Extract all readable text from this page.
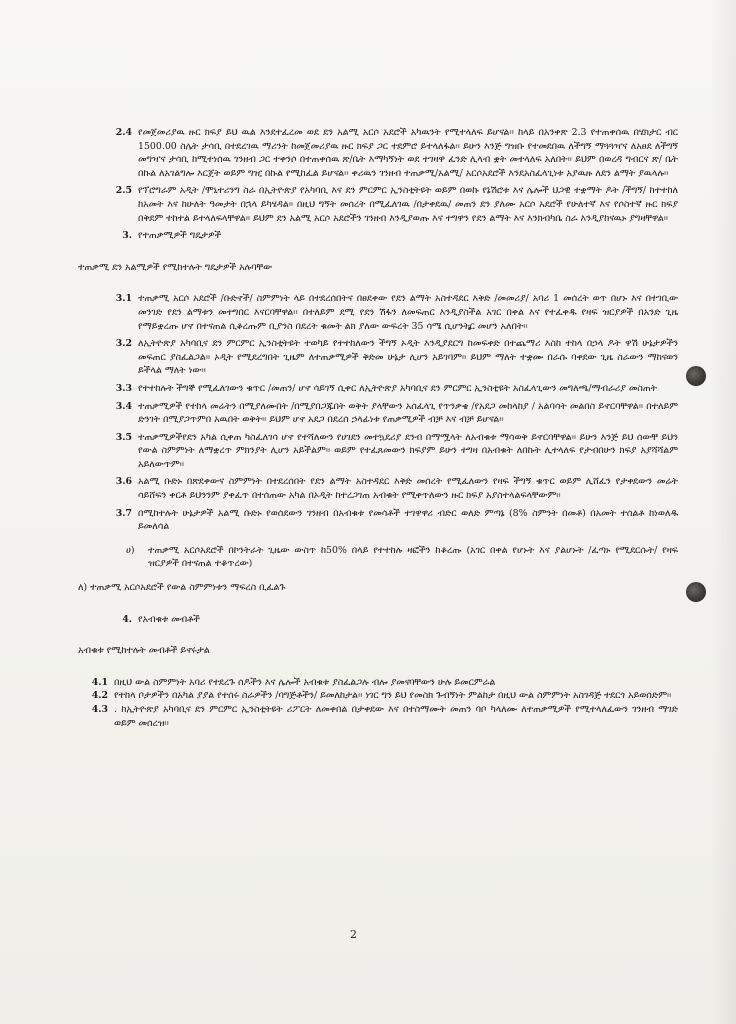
2.4 የመጀመሪያዉ ዙር ክፍያ ይህ ዉል እንደተፈረመ ወደ ደን አልሚ አርሶ አደሮች አካዉንት የሚተላለፍ ይሆናል፡፡ ከላይ በአንቀጽ 2.3 የተጠቀሰዉ በሄክታር ብር 1500.00 ስሌት ታሳቢ በተደረገዉ ማሪንት ከመጀመሪያዉ ዙር ክፍያ ጋር ተደምሮ ይተላለፋል፡፡ ይሁን እንጅ ግዝቡ የተመደበዉ ለችግኝ ማጓጓዣና ለአፀደ ለችግኝ መግዣና ታሳቢ ከሚተነሰዉ ገንዘብ ጋር ተቀንሶ በተጠቀሰዉ ጽ/ቤት እማካኝነት ወደ ተገዛዋ ፈንድ ሊላብ ቋት መተላለፍ አለበት፡፡ ይህም በወረዳ ግብርና ጽ/ ቤት በኩል ለአገልግሎ እርጀት ወይም ግዢ በኩል የሚከፈል ይሆናል፡፡ ቀሪዉን ገንዘብ ተጠቃሚ/አልሚ/ አርሶአደሮች እንደአስፈላጊነቱ አያዉዙ ለደን ልማት ያዉላሉ፡፡
2.5 የፕሮግራም አዲት /ሞኒተሪንግ ስራ በኢትዮጵያ የአካባቢ እና ደን ምርምር ኢንስቲትዩት ወይም በወኩ የኔሽሮቱ እና ሌሎች ህጋዊ ተቋማት ዶት /ችግኝ/ ከተተከለ ከአመት እና ከሁለት ዓመታት በኋላ ይካሄዳል፡፡ በዚህ ግኝት መሰረት በሚፈለገዉ /በታቀደዉ/ መጠን ደን ያለሙ አርሶ አደሮች የሁለተኛ እና የሶስተኛ ዙር ክፍያ በቅደም ተከተል ይተላለፍላቸዋል፡፡ ይህም ደን አልሚ አርሶ አደሮችን ገንዘብ እንዲያወጡ እና ተግዋን የደን ልማት እና እንክብካቤ ስራ እንዲያከናዉኑ ያግዛቸዋል፡፡
3. የተጠቃሚዎች ግዴታዎች
ተጠቃሚ ደን አልሚዎች የሚከተሉት ግዴታዎች አሉባቸው
3.1 ተጠቃሚ አርሶ አደሮች /ቡድኖች/ ስምምነት ላይ በተደረሰበትና በፀደቀው የደን ልማት አስተዳደር እቅድ /መመሪያ/ አባሪ 1 መሰረት ወጥ በሆኑ እና በተገቢው መንገድ የደን ልማቱን መተግበር እናርባቸዋል፡፡ በተለይም ደሚ የደን ሽፋን ለመፍጠር እንዲያስችል አገር በቀል እና የተፈቀዱ የዛፍ ዝርያዎች በአንድ ጊዜ የማይቋረጡ ሆኖ በተናጠል ሲቆረጡም ቢያንስ በደረት ቁመት ልክ ያለው ውፍረት 35 ሳሜ ሲሆንትር መሆን አለበት፡፡
3.2 ለኢትዮጵያ አካባቢና ደን ምርምር ኢንስቲትዩት ተወካይ የተተከለውን ችግኝ ኦዲት እንዲያደርግ ከመፍቀድ በተጨማሪ እስከ ተከላ በኃላ ዶት ዋሽ ሁኔታዎችን መፍጠር ያስፈልጋል፡፡ ኦዲት የሚደረግበት ጊዜም ለተጠቃሚዎች ቅድመ ሁኔታ ሊሆን አይገባም፡፡ ይህም ማለት ተቋሙ በራሱ ባቀደው ጊዜ ስራውን ማከናወን ይችላል ማለት ነው፡፡
3.3 የተተከሉት ችግኞ የሚፈለገውን ቁጥር /መጠን/ ሆኖ ሳይገኝ ሲቀር ለኢትዮጵያ አካባቢና ደን ምርምር ኢንስቲዩት አስፈላጊውን መግለጫ/ማብራሪያ መስጠት
3.4 ተጠቃሚዎች የተከላ መሬትን በሚያለሙበት /በሚያበጋጁበት ወቅት ያላቸውን አሰፈላጊ የጥንቃቄ /የአደጋ መከላከያ / አልባሳት መልበስ ይኖርባቸዋል፡፡ በተለይም ድንገት በሚያጋጥምበ አዉበት ወቅት፡፡ ይህም ሆኖ አደጋ በደረሰ ኃላፊነቱ የጠቃሚዎች ብቻ እና ብቻ ይሆናል፡፡
3.5 ተጠቃሚዎችየደን አካል ሲቀጠ ካስፈለገሳ ሆኖ የተሻለውን የሀገደን መተኳደሪያ ደንብ በማሟላት ለአብቁቱ ማሳወቅ ይኖርባቸዋል፡፡ ይሁን እንጅ ይህ ሰውቸ ይህን የውል ስምምነት ለማቋረጥ ምክንያት ሊሆን አይችልም፡፡ ወይም የተፈጸመውን ክፍያም ይሁን ተግዛ በአብቁት ለበኩት ሊተላለፍ የታብበሁን ክፍያ አያሻሻልም አይለውጥም፡፡
3.6 አልሚ ቡድኑ በጽደቀውና ስምምነት በተደረሰበት የደን ልማት አስተዳደር እቅድ መሰረት የሚፈለውን የዛፍ ችግኝ ቁጥር ወይም ሊሸፈን የታቀደውን መሬት ሳይሸፍን ቀርቶ ይህንንም ያቀፈጥ በተሰጠው አካል በኦዲት ከተረጋገጠ አብቁት የሚቀጥለውን ዙር ክፍያ አያስተላልፍላቸውም፡፡
3.7 በሚከተሉት ሁኔታዎች አልሚ ቡድኑ የወሰደውን ገንዘብ በአብቁቱ የመሳቶች ተገዋዋሪ ብድር ወለድ ምጣኔ (8% ስምንት በመቶ) በአመት ተሰልቶ ከነወለዱ ይመለሳል
ሀ) ተጠቃሚ አርሶአደሮች በኮንትራት ጊዜው ውስጥ ከ50% በላይ የተተከሉ ዛፎችን ከቆረጡ (አገር በቀል የሆኑት እና ያልሆኑት /ፈጣኑ የሚደርሱት/ የዛፍ ዝርያዎች በተናጠል ተቆጥረው)
ለ) ተጠቃሚ አርሶአደሮች የውል ስምምነቱን ማፍረስ ቢፈልጉ
4. የአብቁቱ መብቶች
አብቁቱ የሚከተሉት መብቶች ይኖሩታል
4.1 በዚህ ውል ስምምነት አባሪ የተደረጉ ሰዶችን እና ሌሎች አብቁቱ ያስፈልጋሉ ብሎ ያመናባቸውን ሁሉ ይመርምራል
4.2 የተከላ ቦታዎችን በአካል ያያል የተሰሩ ስራዎችን /ባግጅቶችን/ ይመለከታል፡፡ ነገር ግን ይህ የመስክ ጉብኝነት ምልከታ በዚህ ውል ስምምነት አስገዳጅ ተደርጎ አይወሰድም፡፡
4.3 . ከኢትዮጵያ አካባቢና ደን ምርምር ኢንስቲትዩት ሪፖርት ለመቀበል በታቀደው እና በተስማሙት መጠን ባቦ ካላለሙ ለተጠቃሚዎች የሚተላለፈውን ገንዘብ ማገድ ወይም መሰረዝ፡፡
2
